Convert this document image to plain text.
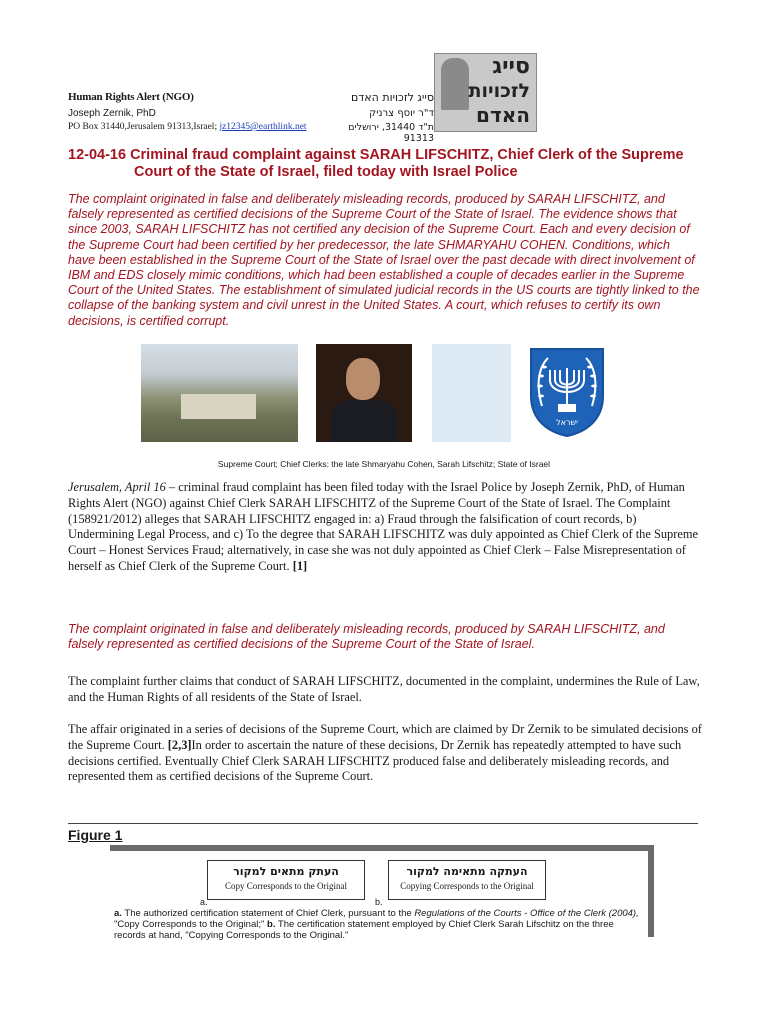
Human Rights Alert (NGO)
Joseph Zernik, PhD
PO Box 31440,Jerusalem 91313,Israel; jz12345@earthlink.net
סייג לזכויות האדם
ד"ר יוסף צרניק
ת"ד 31440, ירושלים 91313
סייג
לזכויות
האדם
12-04-16 Criminal fraud complaint against SARAH LIFSCHITZ, Chief Clerk of the Supreme
Court of the State of Israel, filed today with Israel Police
The complaint originated in false and deliberately misleading records, produced by SARAH LIFSCHITZ, and falsely represented as certified decisions of the Supreme Court of the State of Israel. The evidence shows that since 2003, SARAH LIFSCHITZ has not certified any decision of the Supreme Court. Each and every decision of the Supreme Court had been certified by her predecessor, the late SHMARYAHU COHEN. Conditions, which have been established in the Supreme Court of the State of Israel over the past decade with direct involvement of IBM and EDS closely mimic conditions, which had been established a couple of decades earlier in the Supreme Court of the United States. The establishment of simulated judicial records in the US courts are tightly linked to the collapse of the banking system and civil unrest in the United States. A court, which refuses to certify its own decisions, is certified corrupt.
ישראל
Supreme Court; Chief Clerks: the late Shmaryahu Cohen, Sarah Lifschitz; State of Israel
Jerusalem, April 16 – criminal fraud complaint has been filed today with the Israel Police by Joseph Zernik, PhD, of Human Rights Alert (NGO) against Chief Clerk SARAH LIFSCHITZ of the Supreme Court of the State of Israel. The Complaint (158921/2012) alleges that SARAH LIFSCHITZ engaged in: a) Fraud through the falsification of court records, b) Undermining Legal Process, and c) To the degree that SARAH LIFSCHITZ was duly appointed as Chief Clerk of the Supreme Court – Honest Services Fraud; alternatively, in case she was not duly appointed as Chief Clerk – False Misrepresentation of herself as Chief Clerk of the Supreme Court. [1]
The complaint originated in false and deliberately misleading records, produced by SARAH LIFSCHITZ, and falsely represented as certified decisions of the Supreme Court of the State of Israel.
The complaint further claims that conduct of SARAH LIFSCHITZ, documented in the complaint, undermines the Rule of Law, and the Human Rights of all residents of the State of Israel.
The affair originated in a series of decisions of the Supreme Court, which are claimed by Dr Zernik to be simulated decisions of the Supreme Court. [2,3]In order to ascertain the nature of these decisions, Dr Zernik has repeatedly attempted to have such decisions certified. Eventually Chief Clerk SARAH LIFSCHITZ produced false and deliberately misleading records, and represented them as certified decisions of the Supreme Court.
Figure 1
העתק מתאים למקור
Copy Corresponds to the Original
העתקה מתאימה למקור
Copying Corresponds to the Original
a.	b.
a. The authorized certification statement of Chief Clerk, pursuant to the Regulations of the Courts - Office of the Clerk (2004), "Copy Corresponds to the Original;" b. The certification statement employed by Chief Clerk Sarah Lifschitz on the three records at hand, "Copying Corresponds to the Original."
